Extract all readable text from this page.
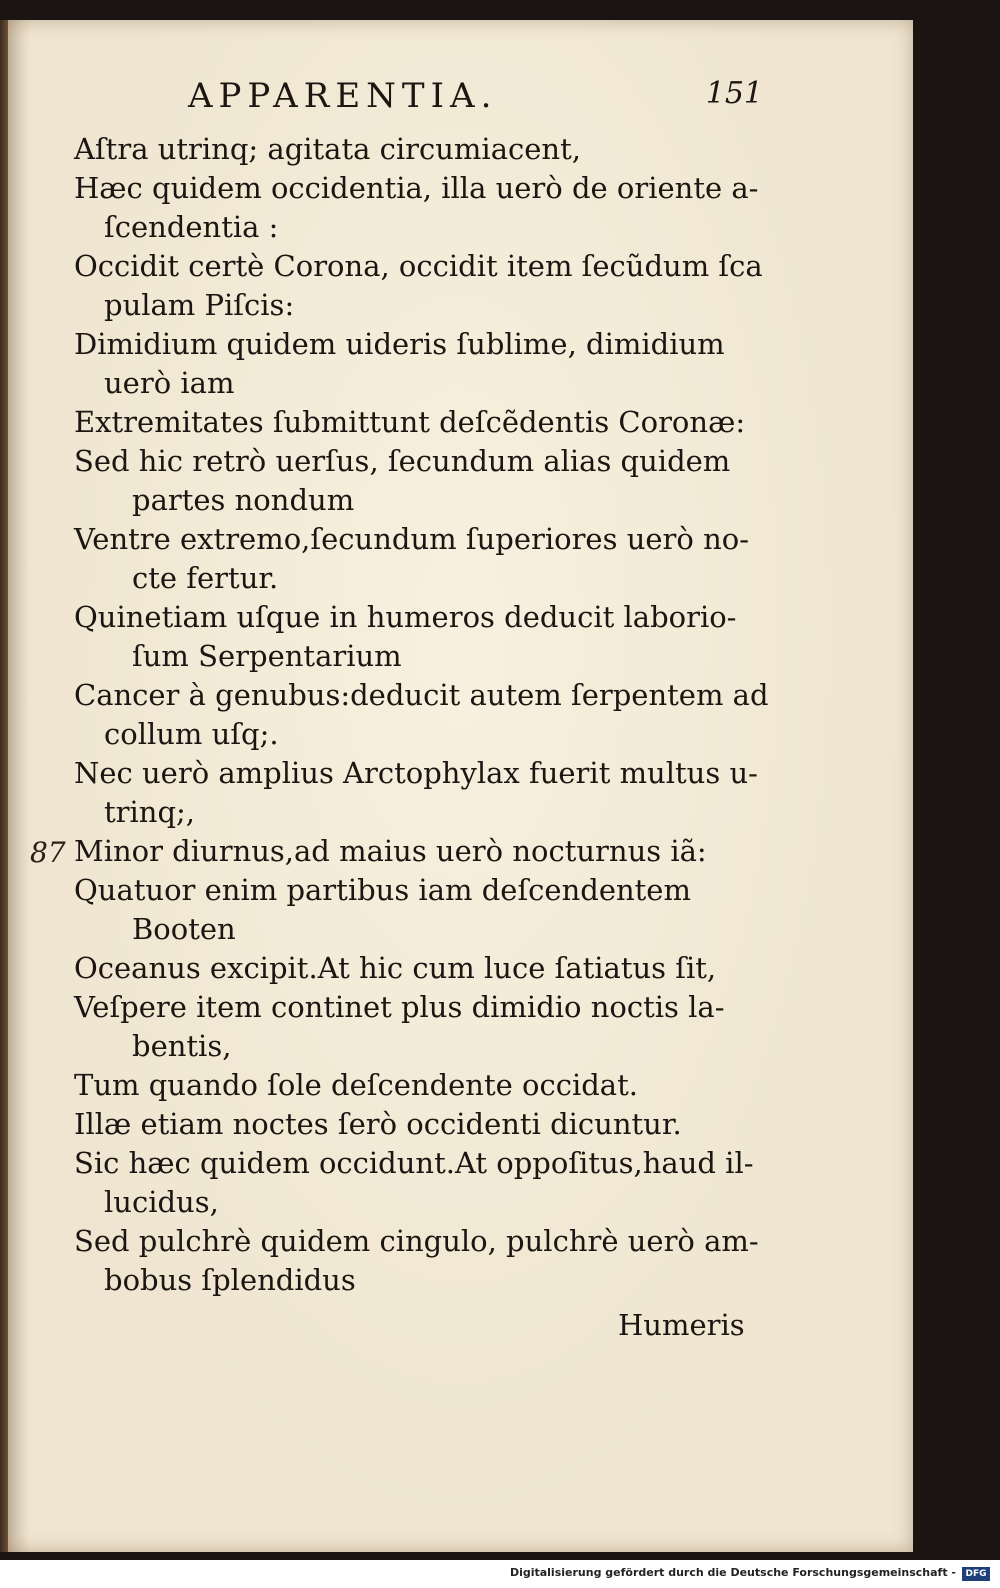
APPARENTIA.	151
Aſtra utrinq; agitata circumiacent,
Hæc quidem occidentia, illa uerò de oriente a-
ſcendentia :
Occidit certè Corona, occidit item ſecũdum ſca
pulam Piſcis:
Dimidium quidem uideris ſublime, dimidium
uerò iam
Extremitates ſubmittunt deſcẽdentis Coronæ:
Sed hic retrò uerſus, ſecundum alias quidem
partes nondum
Ventre extremo,ſecundum ſuperiores uerò no-
cte fertur.
Quinetiam uſque in humeros deducit laborio-
ſum Serpentarium
Cancer à genubus:deducit autem ſerpentem ad
collum uſq;.
Nec uerò amplius Arctophylax fuerit multus u-
trinq;,
Minor diurnus,ad maius uerò nocturnus iã:
Quatuor enim partibus iam deſcendentem
Booten
Oceanus excipit.At hic cum luce ſatiatus ſit,
Veſpere item continet plus dimidio noctis la-
bentis,
Tum quando ſole deſcendente occidat.
Illæ etiam noctes ſerò occidenti dicuntur.
Sic hæc quidem occidunt.At oppoſitus,haud il-
lucidus,
Sed pulchrè quidem cingulo, pulchrè uerò am-
bobus ſplendidus
87
Humeris
Digitalisierung gefördert durch die Deutsche Forschungsgemeinschaft -	DFG
